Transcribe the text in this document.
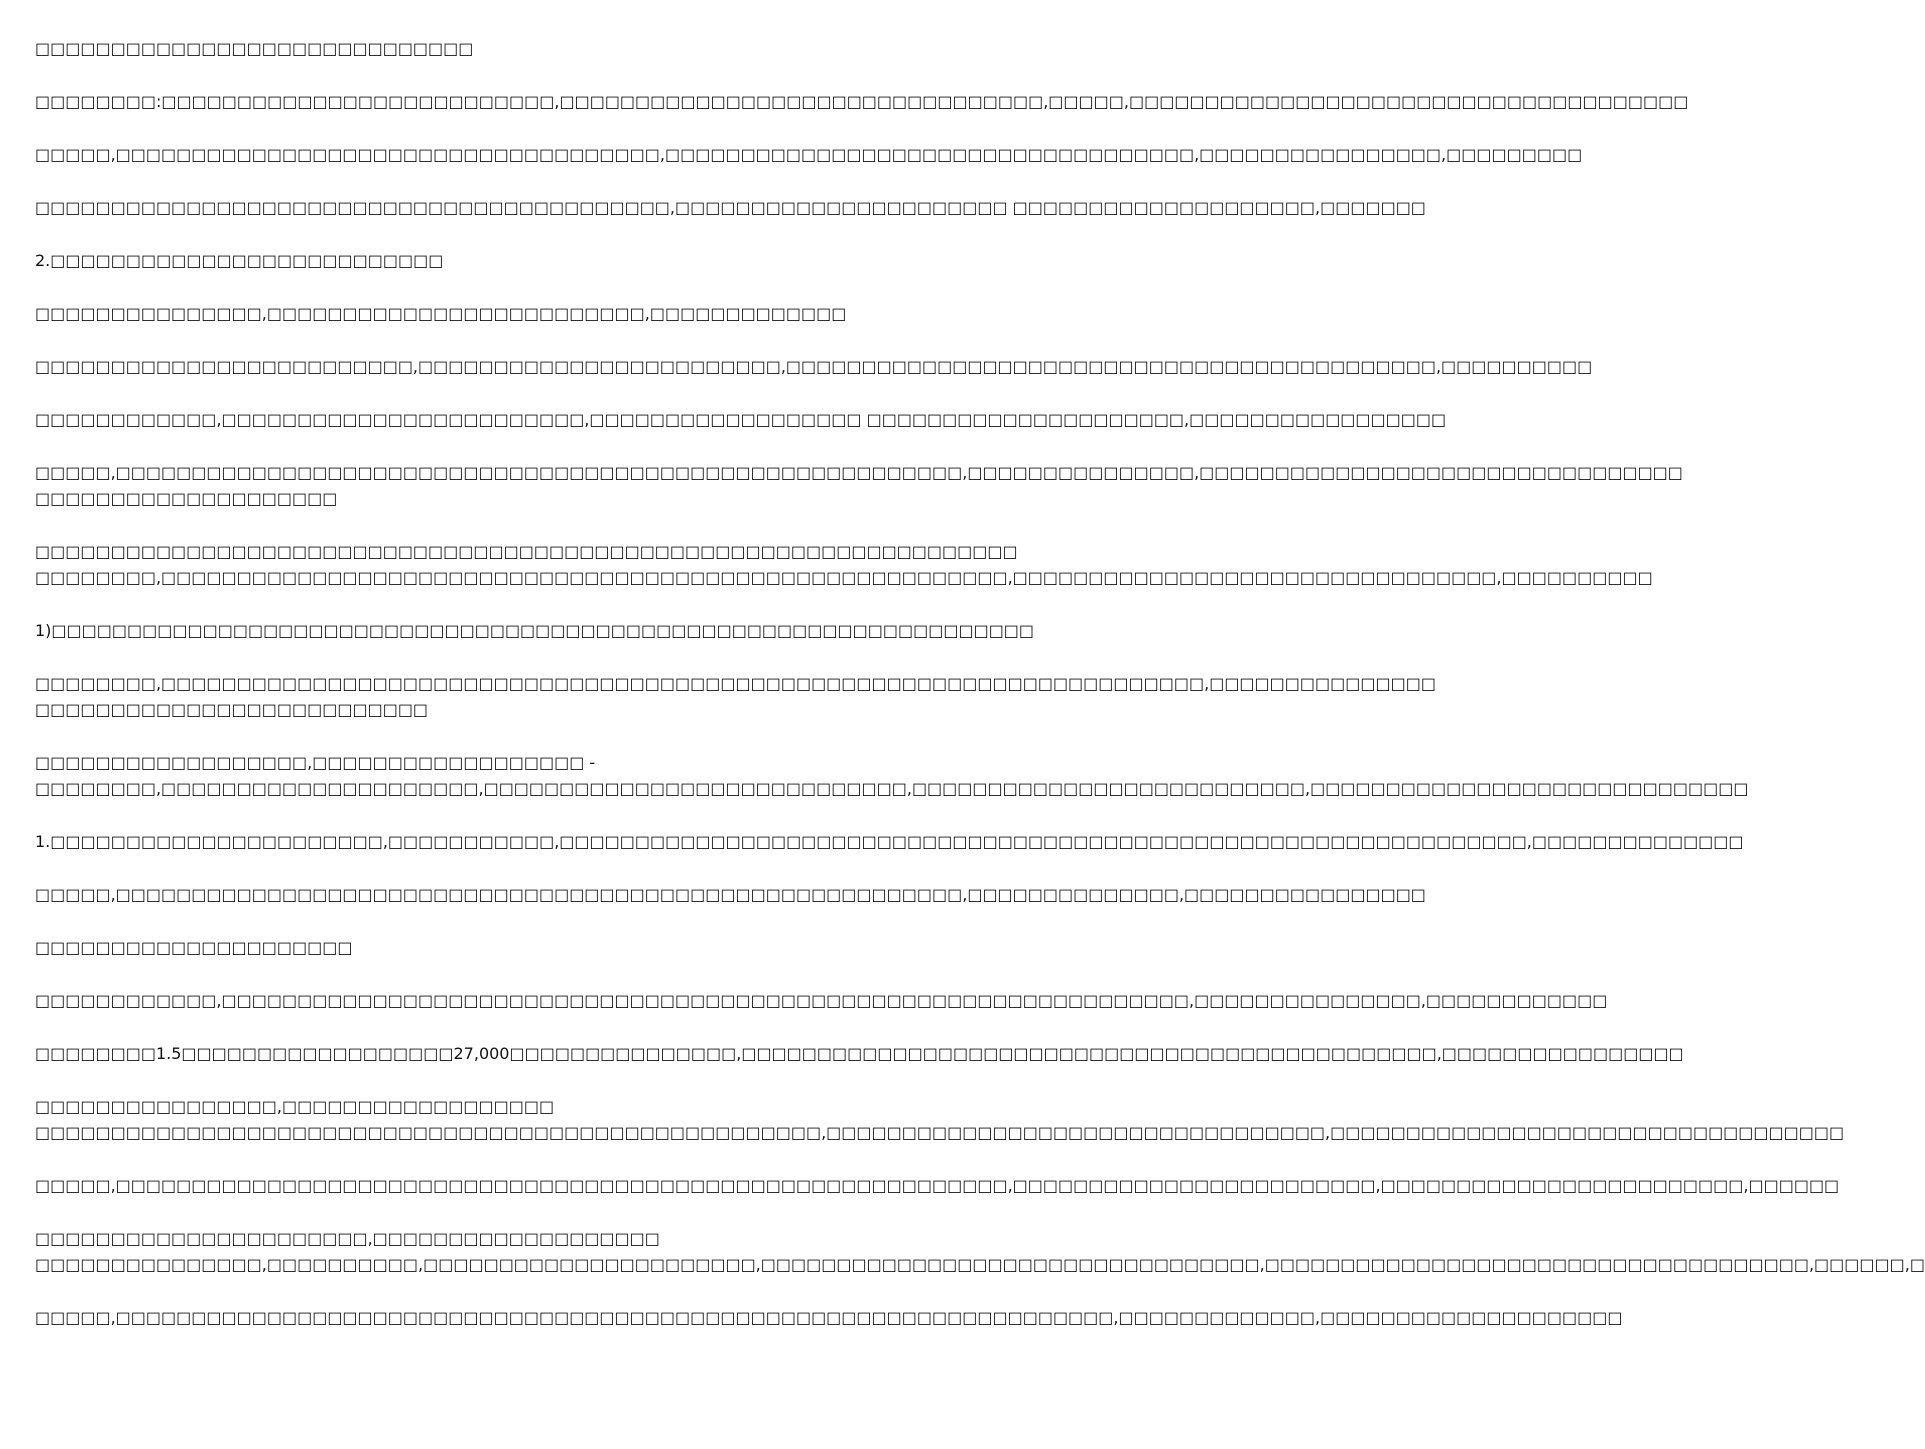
□□□□□□□□□□□□□□□□□□□□□□□□□□□□□

□□□□□□□□:□□□□□□□□□□□□□□□□□□□□□□□□□□,□□□□□□□□□□□□□□□□□□□□□□□□□□□□□□□□,□□□□□,□□□□□□□□□□□□□□□□□□□□□□□□□□□□□□□□□□□□□

□□□□□,□□□□□□□□□□□□□□□□□□□□□□□□□□□□□□□□□□□□,□□□□□□□□□□□□□□□□□□□□□□□□□□□□□□□□□□□,□□□□□□□□□□□□□□□□,□□□□□□□□□

□□□□□□□□□□□□□□□□□□□□□□□□□□□□□□□□□□□□□□□□□□,□□□□□□□□□□□□□□□□□□□□□□ □□□□□□□□□□□□□□□□□□□□,□□□□□□□

2.□□□□□□□□□□□□□□□□□□□□□□□□□□

□□□□□□□□□□□□□□□,□□□□□□□□□□□□□□□□□□□□□□□□□,□□□□□□□□□□□□□

□□□□□□□□□□□□□□□□□□□□□□□□□,□□□□□□□□□□□□□□□□□□□□□□□□,□□□□□□□□□□□□□□□□□□□□□□□□□□□□□□□□□□□□□□□□□□□,□□□□□□□□□□

□□□□□□□□□□□□,□□□□□□□□□□□□□□□□□□□□□□□□,□□□□□□□□□□□□□□□□□□ □□□□□□□□□□□□□□□□□□□□□,□□□□□□□□□□□□□□□□□

□□□□□,□□□□□□□□□□□□□□□□□□□□□□□□□□□□□□□□□□□□□□□□□□□□□□□□□□□□□□□□,□□□□□□□□□□□□□□□,□□□□□□□□□□□□□□□□□□□□□□□□□□□□□□□□
□□□□□□□□□□□□□□□□□□□□

□□□□□□□□□□□□□□□□□□□□□□□□□□□□□□□□□□□□□□□□□□□□□□□□□□□□□□□□□□□□□□□□□
□□□□□□□□,□□□□□□□□□□□□□□□□□□□□□□□□□□□□□□□□□□□□□□□□□□□□□□□□□□□□□□□□,□□□□□□□□□□□□□□□□□□□□□□□□□□□□□□□□,□□□□□□□□□□

1)□□□□□□□□□□□□□□□□□□□□□□□□□□□□□□□□□□□□□□□□□□□□□□□□□□□□□□□□□□□□□□□□□

□□□□□□□□,□□□□□□□□□□□□□□□□□□□□□□□□□□□□□□□□□□□□□□□□□□□□□□□□□□□□□□□□□□□□□□□□□□□□□,□□□□□□□□□□□□□□□
□□□□□□□□□□□□□□□□□□□□□□□□□□

□□□□□□□□□□□□□□□□□□,□□□□□□□□□□□□□□□□□□ -
□□□□□□□□,□□□□□□□□□□□□□□□□□□□□□,□□□□□□□□□□□□□□□□□□□□□□□□□□□□,□□□□□□□□□□□□□□□□□□□□□□□□□□,□□□□□□□□□□□□□□□□□□□□□□□□□□□□□

1.□□□□□□□□□□□□□□□□□□□□□□,□□□□□□□□□□□,□□□□□□□□□□□□□□□□□□□□□□□□□□□□□□□□□□□□□□□□□□□□□□□□□□□□□□□□□□□□□□□□,□□□□□□□□□□□□□□

□□□□□,□□□□□□□□□□□□□□□□□□□□□□□□□□□□□□□□□□□□□□□□□□□□□□□□□□□□□□□□,□□□□□□□□□□□□□□,□□□□□□□□□□□□□□□□

□□□□□□□□□□□□□□□□□□□□□

□□□□□□□□□□□□,□□□□□□□□□□□□□□□□□□□□□□□□□□□□□□□□□□□□□□□□□□□□□□□□□□□□□□□□□□□□□□□□,□□□□□□□□□□□□□□□,□□□□□□□□□□□□

□□□□□□□□1.5□□□□□□□□□□□□□□□□□□27,000□□□□□□□□□□□□□□□,□□□□□□□□□□□□□□□□□□□□□□□□□□□□□□□□□□□□□□□□□□□□□□,□□□□□□□□□□□□□□□□

□□□□□□□□□□□□□□□□,□□□□□□□□□□□□□□□□□□
□□□□□□□□□□□□□□□□□□□□□□□□□□□□□□□□□□□□□□□□□□□□□□□□□□□□,□□□□□□□□□□□□□□□□□□□□□□□□□□□□□□□□□,□□□□□□□□□□□□□□□□□□□□□□□□□□□□□□□□□□

□□□□□,□□□□□□□□□□□□□□□□□□□□□□□□□□□□□□□□□□□□□□□□□□□□□□□□□□□□□□□□□□□,□□□□□□□□□□□□□□□□□□□□□□□□,□□□□□□□□□□□□□□□□□□□□□□□□,□□□□□□

□□□□□□□□□□□□□□□□□□□□□□,□□□□□□□□□□□□□□□□□□□
□□□□□□□□□□□□□□□,□□□□□□□□□□,□□□□□□□□□□□□□□□□□□□□□□,□□□□□□□□□□□□□□□□□□□□□□□□□□□□□□□□□,□□□□□□□□□□□□□□□□□□□□□□□□□□□□□□□□□□□□,□□□□□□,□

□□□□□,□□□□□□□□□□□□□□□□□□□□□□□□□□□□□□□□□□□□□□□□□□□□□□□□□□□□□□□□□□□□□□□□□□,□□□□□□□□□□□□□,□□□□□□□□□□□□□□□□□□□□
